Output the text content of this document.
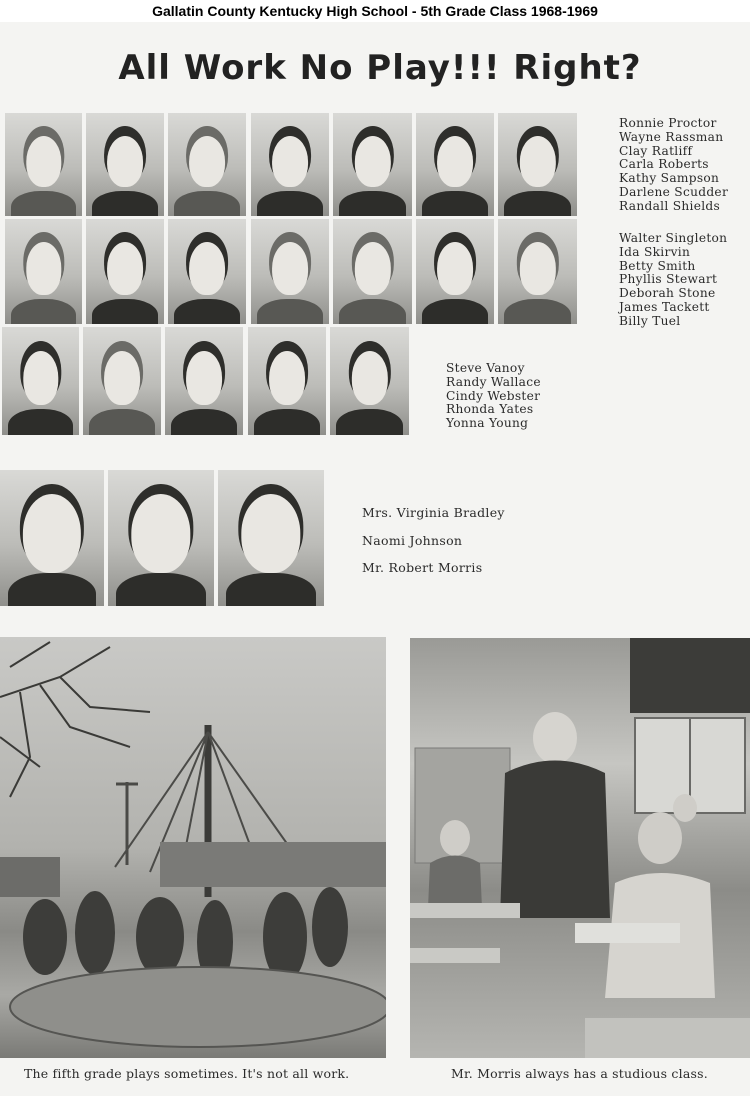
Gallatin County Kentucky High School - 5th Grade Class 1968-1969
All Work No Play!!! Right?
Ronnie Proctor
Wayne Rassman
Clay Ratliff
Carla Roberts
Kathy Sampson
Darlene Scudder
Randall Shields
Walter Singleton
Ida Skirvin
Betty Smith
Phyllis Stewart
Deborah Stone
James Tackett
Billy Tuel
Steve Vanoy
Randy Wallace
Cindy Webster
Rhonda Yates
Yonna Young
Mrs. Virginia Bradley
Naomi Johnson
Mr. Robert Morris
The fifth grade plays sometimes. It's not all work.	Mr. Morris always has a studious class.
